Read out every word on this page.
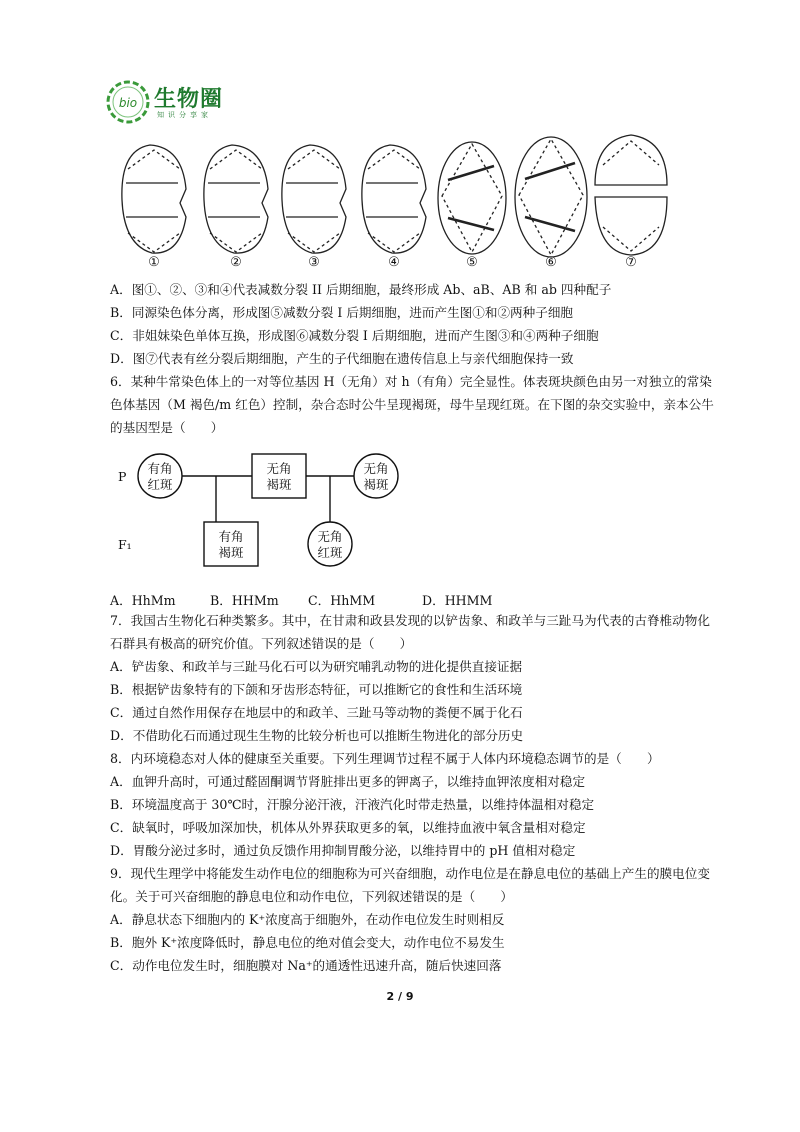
bio 生物圈
知识分享家
①	②	③	④	⑤	⑥	⑦
A．图①、②、③和④代表减数分裂 II 后期细胞，最终形成 Ab、aB、AB 和 ab 四种配子
B．同源染色体分离，形成图⑤减数分裂 I 后期细胞，进而产生图①和②两种子细胞
C．非姐妹染色单体互换，形成图⑥减数分裂 I 后期细胞，进而产生图③和④两种子细胞
D．图⑦代表有丝分裂后期细胞，产生的子代细胞在遗传信息上与亲代细胞保持一致
6．某种牛常染色体上的一对等位基因 H（无角）对 h（有角）完全显性。体表斑块颜色由另一对独立的常染
色体基因（M 褐色/m 红色）控制，杂合态时公牛呈现褐斑，母牛呈现红斑。在下图的杂交实验中，亲本公牛
的基因型是（　　）
P
F₁
有角
红斑
无角
褐斑
无角
褐斑
有角
褐斑
无角
红斑
A．HhMm	B．HHMm C．HhMM	D．HHMM
7．我国古生物化石种类繁多。其中，在甘肃和政县发现的以铲齿象、和政羊与三趾马为代表的古脊椎动物化
石群具有极高的研究价值。下列叙述错误的是（　　）
A．铲齿象、和政羊与三趾马化石可以为研究哺乳动物的进化提供直接证据
B．根据铲齿象特有的下颌和牙齿形态特征，可以推断它的食性和生活环境
C．通过自然作用保存在地层中的和政羊、三趾马等动物的粪便不属于化石
D．不借助化石而通过现生生物的比较分析也可以推断生物进化的部分历史
8．内环境稳态对人体的健康至关重要。下列生理调节过程不属于人体内环境稳态调节的是（　　）
A．血钾升高时，可通过醛固酮调节肾脏排出更多的钾离子，以维持血钾浓度相对稳定
B．环境温度高于 30℃时，汗腺分泌汗液，汗液汽化时带走热量，以维持体温相对稳定
C．缺氧时，呼吸加深加快，机体从外界获取更多的氧，以维持血液中氧含量相对稳定
D．胃酸分泌过多时，通过负反馈作用抑制胃酸分泌，以维持胃中的 pH 值相对稳定
9．现代生理学中将能发生动作电位的细胞称为可兴奋细胞，动作电位是在静息电位的基础上产生的膜电位变
化。关于可兴奋细胞的静息电位和动作电位，下列叙述错误的是（　　）
A．静息状态下细胞内的 K⁺浓度高于细胞外，在动作电位发生时则相反
B．胞外 K⁺浓度降低时，静息电位的绝对值会变大，动作电位不易发生
C．动作电位发生时，细胞膜对 Na⁺的通透性迅速升高，随后快速回落
2 / 9
